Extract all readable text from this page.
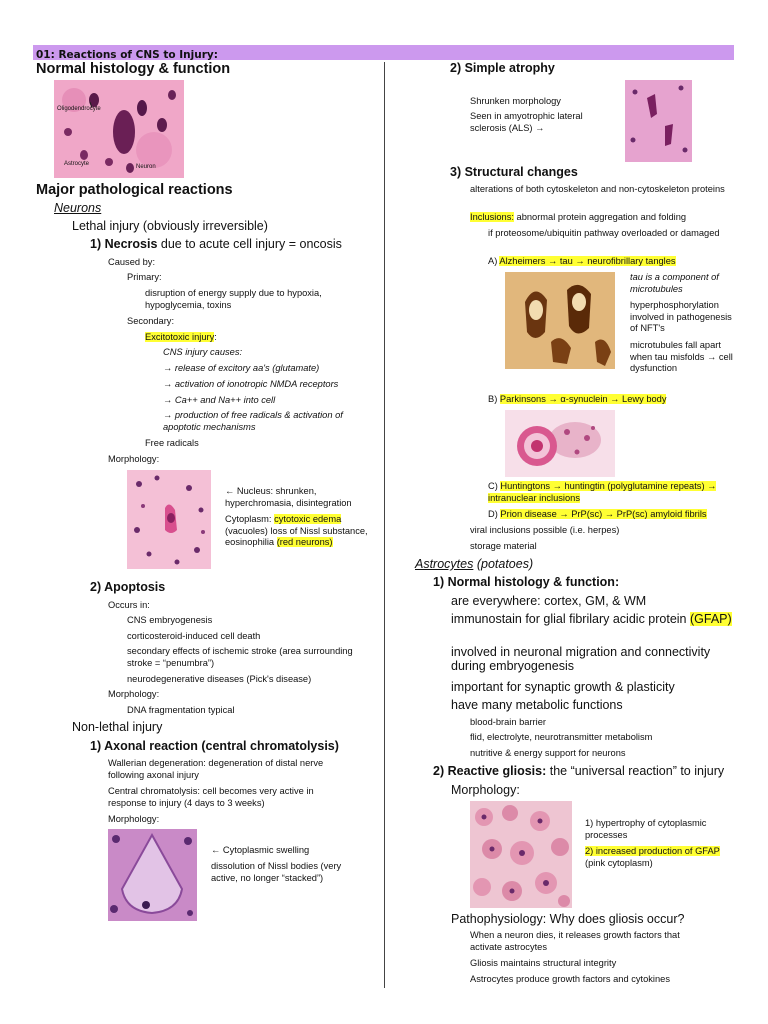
01: Reactions of CNS to Injury:
Normal histology & function
Oligodendrocyte
Astrocyte	Neuron
Major pathological reactions
Neurons
Lethal injury (obviously irreversible)
1) Necrosis due to acute cell injury = oncosis
Caused by:
Primary:
disruption of energy supply due to hypoxia, hypoglycemia, toxins
Secondary:
Excitotoxic injury:
CNS injury causes:
→ release of excitory aa's (glutamate)
→ activation of ionotropic NMDA receptors
→ Ca++ and Na++ into cell
→ production of free radicals & activation of apoptotic mechanisms
Free radicals
Morphology:
← Nucleus: shrunken, hyperchromasia, disintegration
Cytoplasm: cytotoxic edema (vacuoles) loss of Nissl substance, eosinophilia (red neurons)
2) Apoptosis
Occurs in:
CNS embryogenesis
corticosteroid-induced cell death
secondary effects of ischemic stroke (area surrounding stroke = “penumbra”)
neurodegenerative diseases (Pick's disease)
Morphology:
DNA fragmentation typical
Non-lethal injury
1) Axonal reaction (central chromatolysis)
Wallerian degeneration: degeneration of distal nerve following axonal injury
Central chromatolysis: cell becomes very active in response to injury (4 days to 3 weeks)
Morphology:
← Cytoplasmic swelling
dissolution of Nissl bodies (very active, no longer “stacked”)
2) Simple atrophy
Shrunken morphology
Seen in amyotrophic lateral sclerosis (ALS) →
3) Structural changes
alterations of both cytoskeleton and non-cytoskeleton proteins
Inclusions: abnormal protein aggregation and folding
if proteosome/ubiquitin pathway overloaded or damaged
A) Alzheimers → tau → neurofibrillary tangles
tau is a component of microtubules
hyperphosphorylation involved in pathogenesis of NFT's
microtubules fall apart when tau misfolds → cell dysfunction
B) Parkinsons → α-synuclein → Lewy body
C) Huntingtons → huntingtin (polyglutamine repeats) → intranuclear inclusions
D) Prion disease → PrP(sc) → PrP(sc) amyloid fibrils
viral inclusions possible (i.e. herpes)
storage material
Astrocytes (potatoes)
1) Normal histology & function:
are everywhere: cortex, GM, & WM
immunostain for glial fibrilary acidic protein (GFAP)
involved in neuronal migration and connectivity during embryogenesis
important for synaptic growth & plasticity
have many metabolic functions
blood-brain barrier
flid, electrolyte, neurotransmitter metabolism
nutritive & energy support for neurons
2) Reactive gliosis: the “universal reaction” to injury
Morphology:
1) hypertrophy of cytoplasmic processes
2) increased production of GFAP (pink cytoplasm)
Pathophysiology: Why does gliosis occur?
When a neuron dies, it releases growth factors that activate astrocytes
Gliosis maintains structural integrity
Astrocytes produce growth factors and cytokines
